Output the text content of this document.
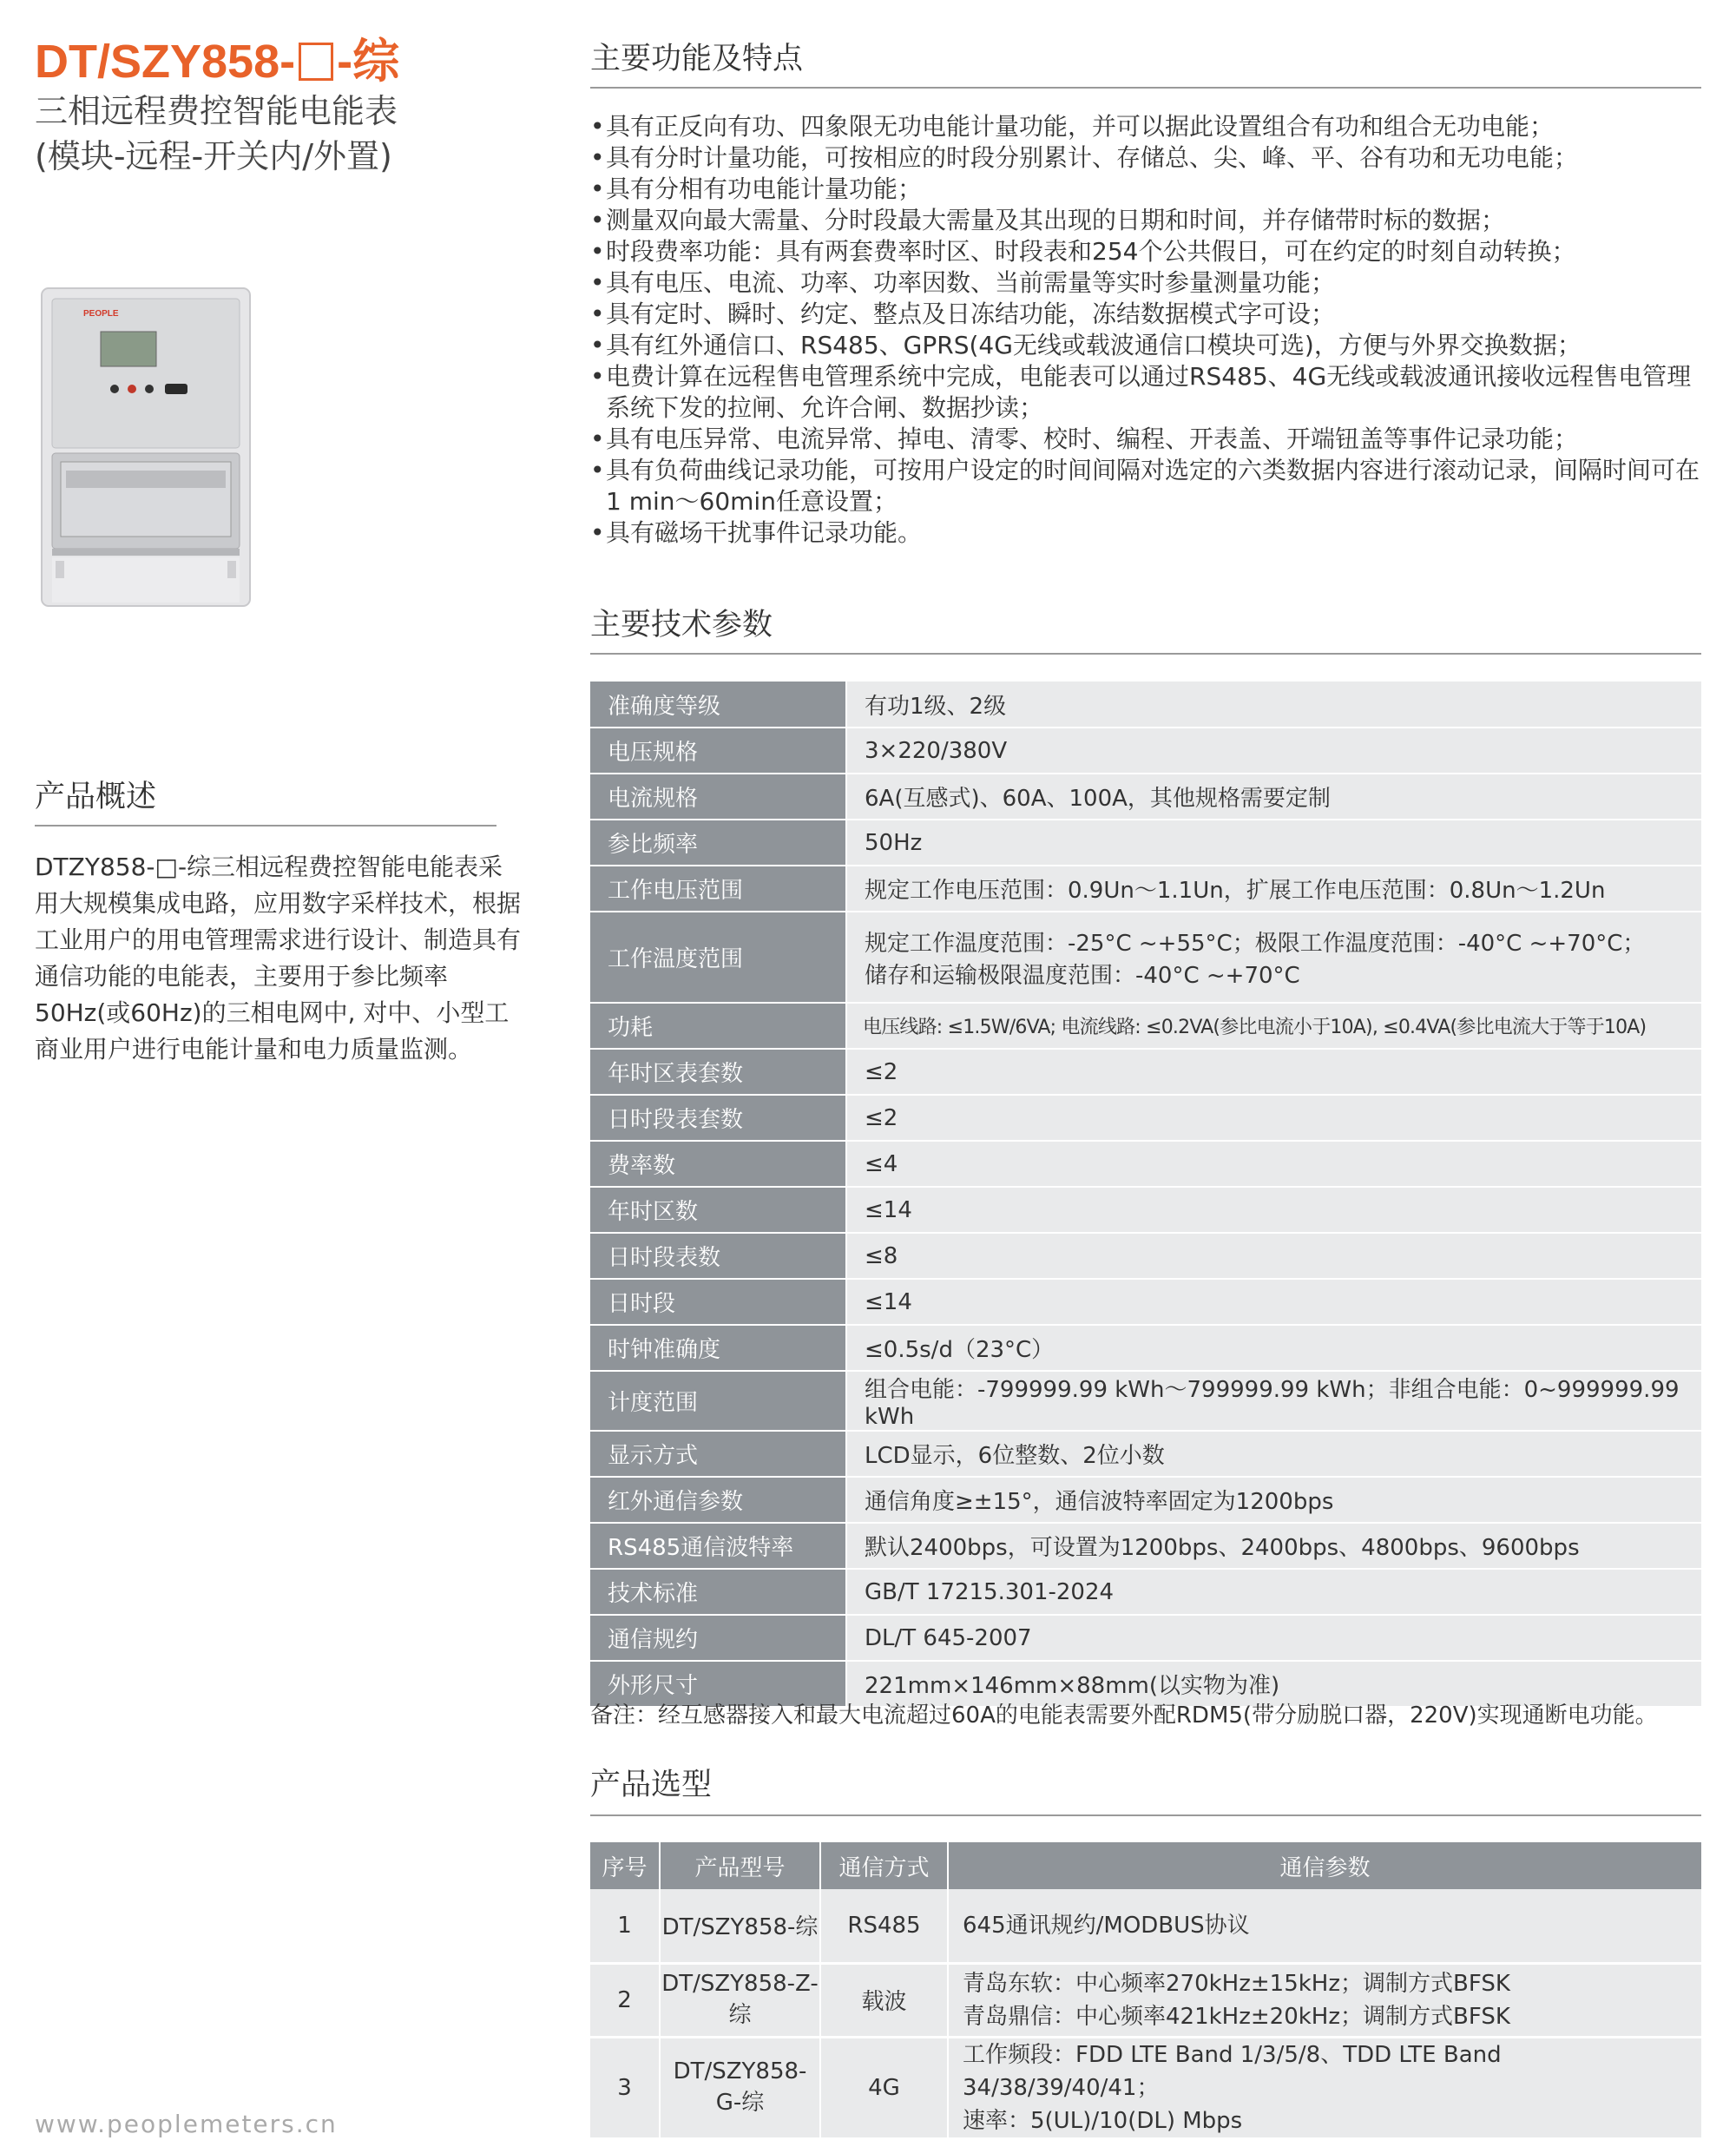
DT/SZY858- -综
三相远程费控智能电能表
(模块-远程-开关内/外置)
PEOPLE
产品概述
DTZY858-□-综三相远程费控智能电能表采用大规模集成电路，应用数字采样技术，根据工业用户的用电管理需求进行设计、制造具有通信功能的电能表，主要用于参比频率50Hz(或60Hz)的三相电网中, 对中、小型工商业用户进行电能计量和电力质量监测。
主要功能及特点
• 具有正反向有功、四象限无功电能计量功能，并可以据此设置组合有功和组合无功电能；
• 具有分时计量功能，可按相应的时段分别累计、存储总、尖、峰、平、谷有功和无功电能；
• 具有分相有功电能计量功能；
• 测量双向最大需量、分时段最大需量及其出现的日期和时间，并存储带时标的数据；
• 时段费率功能：具有两套费率时区、时段表和254个公共假日，可在约定的时刻自动转换；
• 具有电压、电流、功率、功率因数、当前需量等实时参量测量功能；
• 具有定时、瞬时、约定、整点及日冻结功能，冻结数据模式字可设；
• 具有红外通信口、RS485、GPRS(4G无线或载波通信口模块可选)，方便与外界交换数据；
• 电费计算在远程售电管理系统中完成，电能表可以通过RS485、4G无线或载波通讯接收远程售电管理系统下发的拉闸、允许合闸、数据抄读；
• 具有电压异常、电流异常、掉电、清零、校时、编程、开表盖、开端钮盖等事件记录功能；
• 具有负荷曲线记录功能，可按用户设定的时间间隔对选定的六类数据内容进行滚动记录，间隔时间可在1 min～60min任意设置；
• 具有磁场干扰事件记录功能。
主要技术参数
准确度等级	有功1级、2级
电压规格	3×220/380V
电流规格	6A(互感式)、60A、100A，其他规格需要定制
参比频率	50Hz
工作电压范围	规定工作电压范围：0.9Un～1.1Un，扩展工作电压范围：0.8Un～1.2Un
工作温度范围	规定工作温度范围：-25°C ~+55°C；极限工作温度范围：-40°C ~+70°C；
储存和运输极限温度范围：-40°C ~+70°C

功耗	电压线路: ≤1.5W/6VA; 电流线路: ≤0.2VA(参比电流小于10A), ≤0.4VA(参比电流大于等于10A)
年时区表套数	≤2
日时段表套数	≤2
费率数	≤4
年时区数	≤14
日时段表数	≤8
日时段	≤14
时钟准确度	≤0.5s/d（23°C）
计度范围	组合电能：-799999.99 kWh～799999.99 kWh；非组合电能：0~999999.99 kWh
显示方式	LCD显示，6位整数、2位小数
红外通信参数	通信角度≥±15°，通信波特率固定为1200bps
RS485通信波特率	默认2400bps，可设置为1200bps、2400bps、4800bps、9600bps
技术标准	GB/T 17215.301-2024
通信规约	DL/T 645-2007
外形尺寸	221mm×146mm×88mm(以实物为准)
备注：经互感器接入和最大电流超过60A的电能表需要外配RDM5(带分励脱口器，220V)实现通断电功能。
产品选型
序号	产品型号	通信方式	通信参数
1	DT/SZY858-综	RS485	645通讯规约/MODBUS协议

2	DT/SZY858-Z-综	载波	青岛东软：中心频率270kHz±15kHz；调制方式BFSK
青岛鼎信：中心频率421kHz±20kHz；调制方式BFSK

3	DT/SZY858-G-综	4G	工作频段：FDD LTE Band 1/3/5/8、TDD LTE Band 34/38/39/40/41；
速率：5(UL)/10(DL) Mbps
www.peoplemeters.cn
